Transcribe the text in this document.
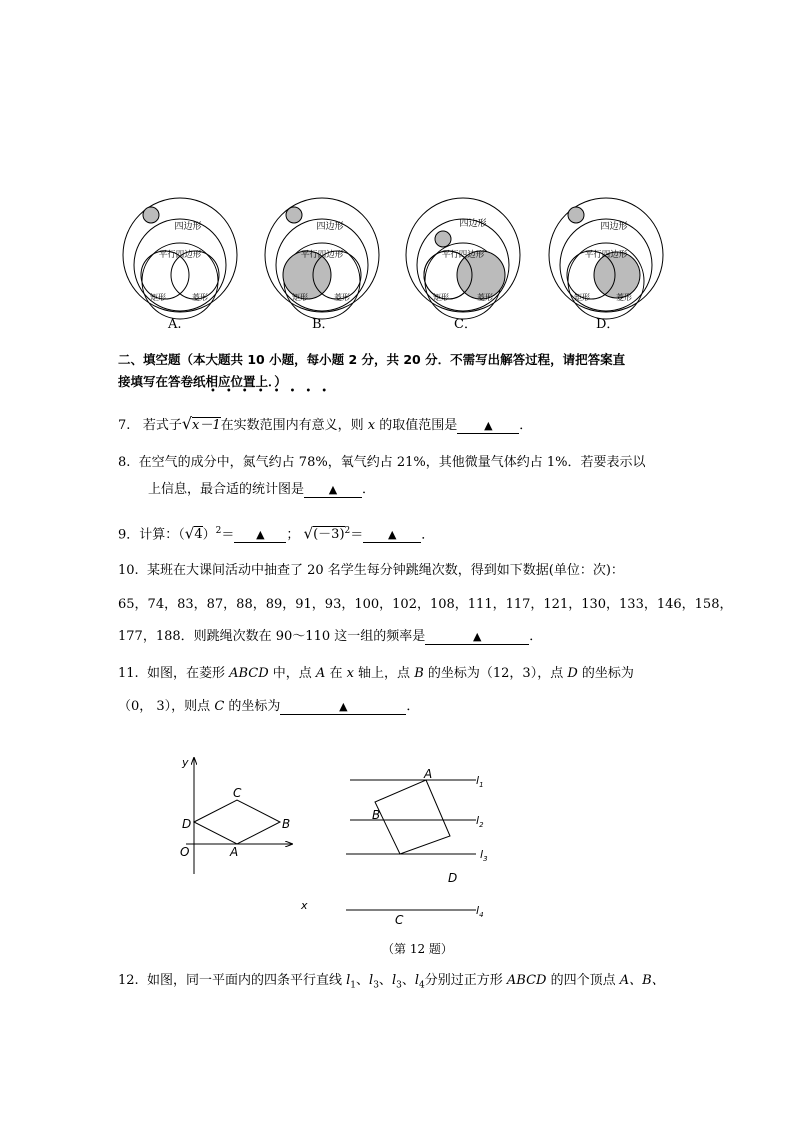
四边形
平行四边形
矩形	菱形
四边形
平行四边形
矩形	菱形
四边形
平行四边形
矩形	菱形
四边形
平行四边形
矩形	菱形
A.	B．	C．	D．
二、填空题（本大题共 10 小题，每小题 2 分，共 20 分．不需写出解答过程，请把答案直
接填写在答卷纸相应位置上．）
••••••••
7. 若式子√x－1在实数范围内有意义，则 x 的取值范围是 ▲ ．
8. 在空气的成分中，氮气约占 78%，氧气约占 21%，其他微量气体约占 1%．若要表示以
上信息，最合适的统计图是 ▲ ．
9．计算：$(√4)^2=$ ▲ ； $√(-3)^2=$ ▲ ．
10. 某班在大课间活动中抽查了 20 名学生每分钟跳绳次数，得到如下数据(单位：次)：
65，74，83，87，88，89，91，93，100，102，108，111，117，121，130，133，146，158，
177，188．则跳绳次数在 90～110 这一组的频率是	▲	．
11. 如图，在菱形 ABCD 中，点 A 在 x 轴上，点 B 的坐标为（12，3），点 D 的坐标为
（0， 3），则点 C 的坐标为	▲	．
y
C
D	B
O	A
x
A
B
D
C
$l_1$
$l_2$
$l_3$
$l_4$
（第 12 题）
12. 如图，同一平面内的四条平行直线 $l_1$、$l_3$、$l_3$、$l_4$分别过正方形 ABCD 的四个顶点 A、B、
